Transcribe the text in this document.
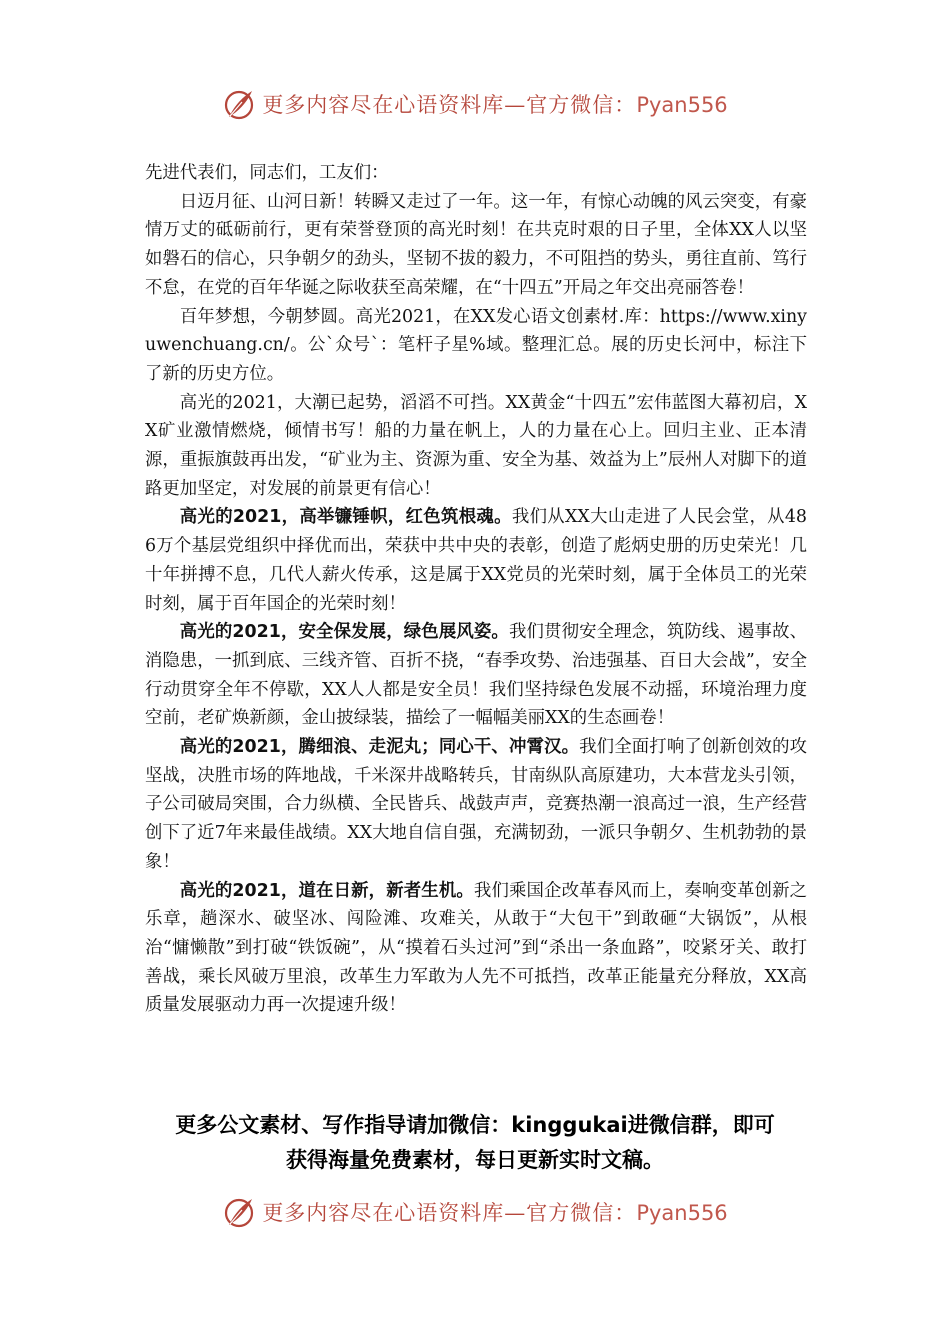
更多内容尽在心语资料库—官方微信：Pyan556

先进代表们，同志们，工友们：

日迈月征、山河日新！转瞬又走过了一年。这一年，有惊心动魄的风云突变，有豪情万丈的砥砺前行，更有荣誉登顶的高光时刻！在共克时艰的日子里，全体XX人以坚如磐石的信心，只争朝夕的劲头，坚韧不拔的毅力，不可阻挡的势头，勇往直前、笃行不怠，在党的百年华诞之际收获至高荣耀，在“十四五”开局之年交出亮丽答卷！

百年梦想，今朝梦圆。高光2021，在XX发心语文创素材.库：https://www.xinyuwenchuang.cn/。公`众号`：笔杆子星%域。整理汇总。展的历史长河中，标注下了新的历史方位。

高光的2021，大潮已起势，滔滔不可挡。XX黄金“十四五”宏伟蓝图大幕初启，XX矿业激情燃烧，倾情书写！船的力量在帆上，人的力量在心上。回归主业、正本清源，重振旗鼓再出发，“矿业为主、资源为重、安全为基、效益为上”辰州人对脚下的道路更加坚定，对发展的前景更有信心！

高光的2021，高举镰锤帜，红色筑根魂。我们从XX大山走进了人民会堂，从486万个基层党组织中择优而出，荣获中共中央的表彰，创造了彪炳史册的历史荣光！几十年拼搏不息，几代人薪火传承，这是属于XX党员的光荣时刻，属于全体员工的光荣时刻，属于百年国企的光荣时刻！

高光的2021，安全保发展，绿色展风姿。我们贯彻安全理念，筑防线、遏事故、消隐患，一抓到底、三线齐管、百折不挠，“春季攻势、治违强基、百日大会战”，安全行动贯穿全年不停歇，XX人人都是安全员！我们坚持绿色发展不动摇，环境治理力度空前，老矿焕新颜，金山披绿装，描绘了一幅幅美丽XX的生态画卷！

高光的2021，腾细浪、走泥丸；同心干、冲霄汉。我们全面打响了创新创效的攻坚战，决胜市场的阵地战，千米深井战略转兵，甘南纵队高原建功，大本营龙头引领，子公司破局突围，合力纵横、全民皆兵、战鼓声声，竞赛热潮一浪高过一浪，生产经营创下了近7年来最佳战绩。XX大地自信自强，充满韧劲，一派只争朝夕、生机勃勃的景象！

高光的2021，道在日新，新者生机。我们乘国企改革春风而上，奏响变革创新之乐章，趟深水、破坚冰、闯险滩、攻难关，从敢于“大包干”到敢砸“大锅饭”，从根治“慵懒散”到打破“铁饭碗”，从“摸着石头过河”到“杀出一条血路”，咬紧牙关、敢打善战，乘长风破万里浪，改革生力军敢为人先不可抵挡，改革正能量充分释放，XX高质量发展驱动力再一次提速升级！

更多公文素材、写作指导请加微信：kinggukai进微信群，即可
获得海量免费素材，每日更新实时文稿。
更多内容尽在心语资料库—官方微信：Pyan556
